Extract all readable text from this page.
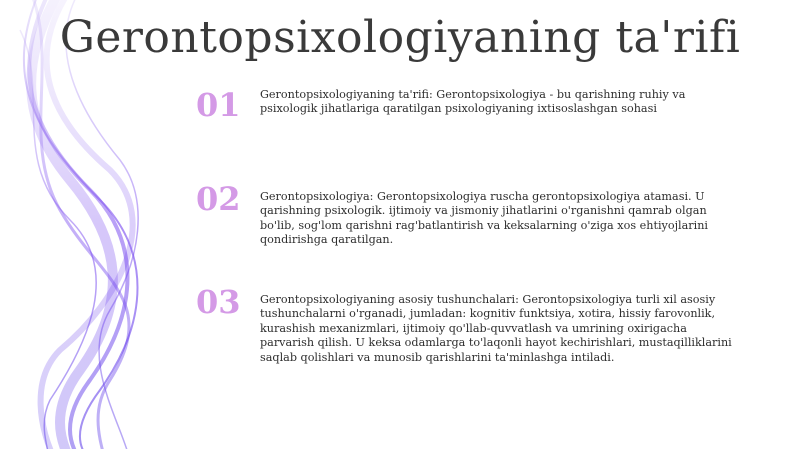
Gerontopsixologiyaning ta'rifi
01	Gerontopsixologiyaning ta'rifi: Gerontopsixologiya - bu qarishning ruhiy va psixologik jihatlariga qaratilgan psixologiyaning ixtisoslashgan sohasi
02	Gerontopsixologiya: Gerontopsixologiya ruscha gerontopsixologiya atamasi. U qarishning psixologik. ijtimoiy va jismoniy jihatlarini o'rganishni qamrab olgan bo'lib, sog'lom qarishni rag'batlantirish va keksalarning o'ziga xos ehtiyojlarini qondirishga qaratilgan.
03	Gerontopsixologiyaning asosiy tushunchalari: Gerontopsixologiya turli xil asosiy tushunchalarni o'rganadi, jumladan: kognitiv funktsiya, xotira, hissiy farovonlik, kurashish mexanizmlari, ijtimoiy qo'llab-quvvatlash va umrining oxirigacha parvarish qilish. U keksa odamlarga to'laqonli hayot kechirishlari, mustaqilliklarini saqlab qolishlari va munosib qarishlarini ta'minlashga intiladi.
